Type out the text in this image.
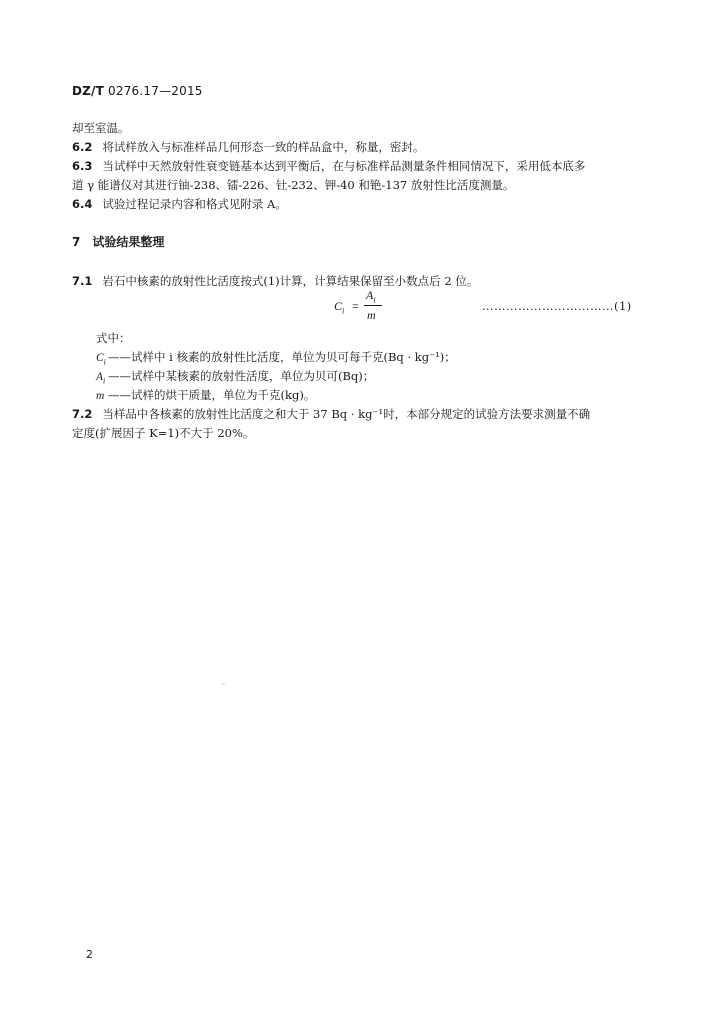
DZ/T 0276.17—2015
却至室温。
6.2 将试样放入与标准样品几何形态一致的样品盒中，称量，密封。
6.3 当试样中天然放射性衰变链基本达到平衡后，在与标准样品测量条件相同情况下，采用低本底多
道 γ 能谱仪对其进行铀-238、镭-226、钍-232、钾-40 和铯-137 放射性比活度测量。
6.4 试验过程记录内容和格式见附录 A。
7 试验结果整理
7.1 岩石中核素的放射性比活度按式(1)计算，计算结果保留至小数点后 2 位。
$C_i$ =
$A_i$
m
……………………………(1)
式中：
$C_i$ ——试样中 i 核素的放射性比活度，单位为贝可每千克(Bq · kg⁻¹)；
$A_i$ ——试样中某核素的放射性活度，单位为贝可(Bq)；
m ——试样的烘干质量，单位为千克(kg)。
7.2 当样品中各核素的放射性比活度之和大于 37 Bq · kg⁻¹时，本部分规定的试验方法要求测量不确
定度(扩展因子 K=1)不大于 20%。
2
